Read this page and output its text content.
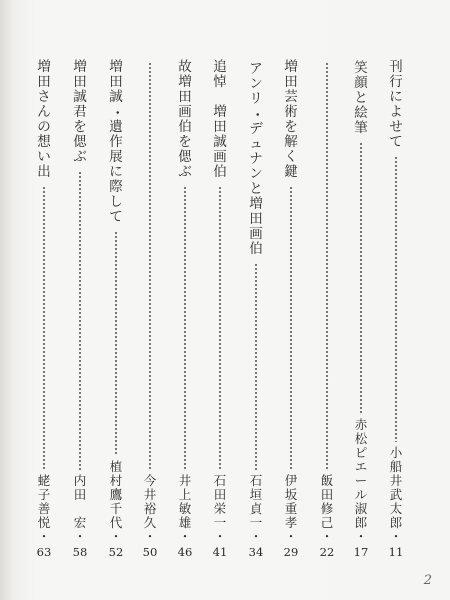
刊
行
に
よ
せ
て
小
船
井
武
太
郎
・
11
笑
顔
と
絵
筆
赤
松
ピ
エ
ー
ル
淑
郎
・
17
飯
田
修
己
・
22
増
田
芸
術
を
解
く
鍵
伊
坂
重
孝
・
29
ア
ン
リ
・
デ
ュ
ナ
ン
と
増
田
画
伯
石
垣
貞
一
・
34
追
悼

増
田
誠
画
伯
石
田
栄
一
・
41
故
増
田
画
伯
を
偲
ぶ
井
上
敏
雄
・
46
今
井
裕
久
・
50
増
田
誠
・
遺
作
展
に
際
し
て
植
村
鷹
千
代
・
52
増
田
誠
君
を
偲
ぶ
内
田

宏
・
58
増
田
さ
ん
の
想
い
出
蛯
子
善
悦
・
63
2
